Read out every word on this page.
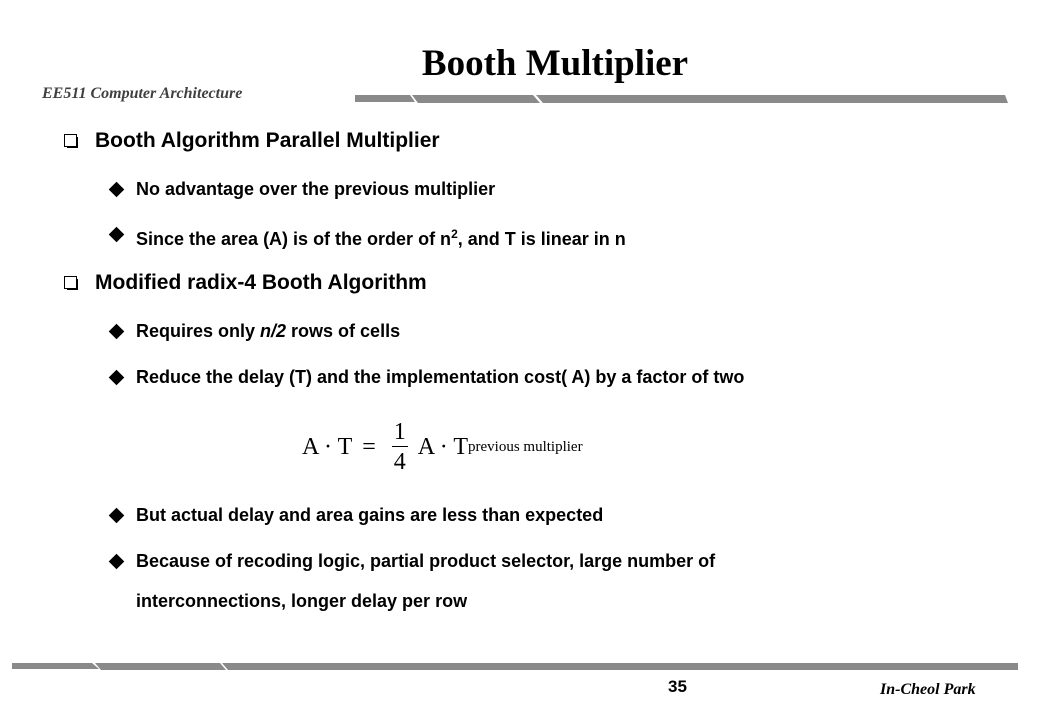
EE511 Computer Architecture
Booth Multiplier
Booth Algorithm Parallel Multiplier
No advantage over the previous multiplier
Since the area (A) is of the order of $n^2$, and T is linear in n
Modified radix-4 Booth Algorithm
Requires only n/2 rows of cells
Reduce the delay (T) and the implementation cost( A) by a factor of two
$A \cdot T = \frac{1}{4}$ A · T previous multiplier
But actual delay and area gains are less than expected
Because of recoding logic, partial product selector, large number of
interconnections, longer delay per row
35	In-Cheol Park
